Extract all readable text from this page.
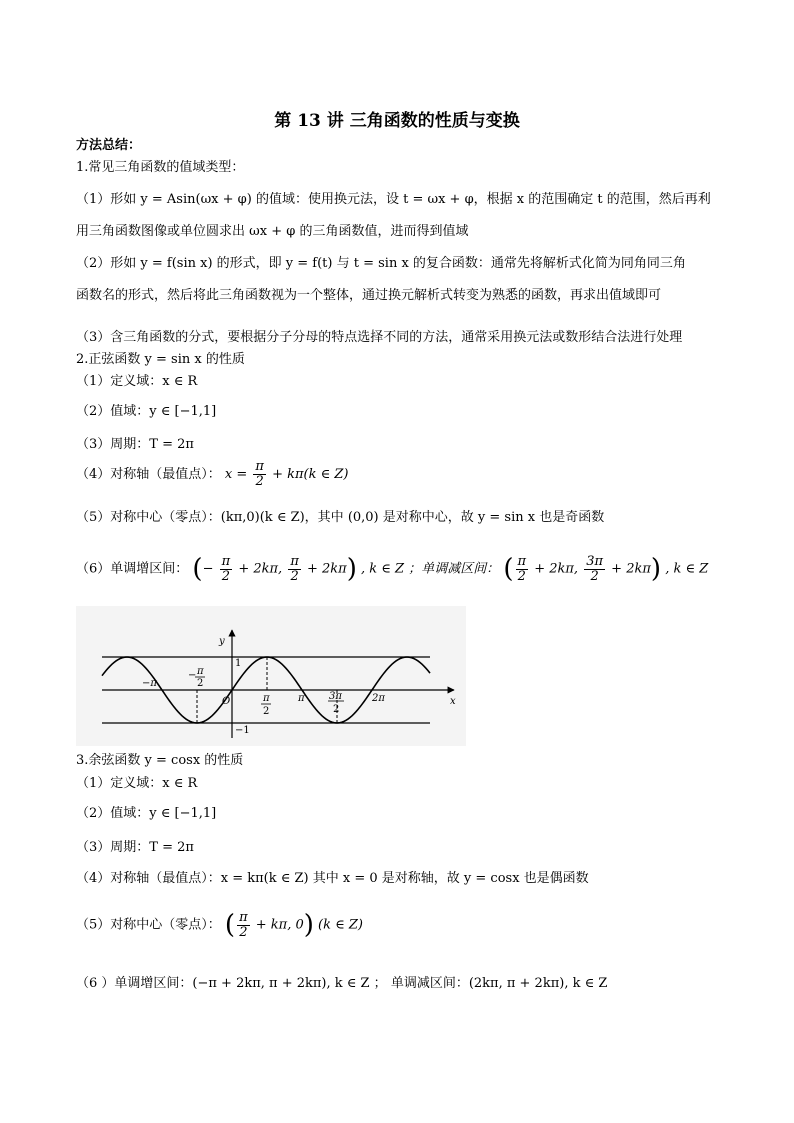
第 13 讲 三角函数的性质与变换
方法总结：
1.常见三角函数的值域类型：
（1）形如 y = Asin(ωx + φ) 的值域：使用换元法，设 t = ωx + φ，根据 x 的范围确定 t 的范围，然后再利
用三角函数图像或单位圆求出 ωx + φ 的三角函数值，进而得到值域
（2）形如 y = f(sin x) 的形式，即 y = f(t) 与 t = sin x 的复合函数：通常先将解析式化简为同角同三角
函数名的形式，然后将此三角函数视为一个整体，通过换元解析式转变为熟悉的函数，再求出值域即可
（3）含三角函数的分式，要根据分子分母的特点选择不同的方法，通常采用换元法或数形结合法进行处理
2.正弦函数 y = sin x 的性质
（1）定义域：x ∈ R
（2）值域：y ∈ [−1,1]
（3）周期：T = 2π
（4）对称轴（最值点）： $x = \frac{\pi}{2} + k\pi(k$ ∈ Z)
（5）对称中心（零点）：(kπ,0)(k ∈ Z)，其中 (0,0) 是对称中心，故 y = sin x 也是奇函数
（6）单调增区间： (− $\frac{\pi}{2} + 2k\pi$, $\frac{\pi}{2} + 2k\pi$) , k ∈ Z ；单调减区间： ( $\frac{\pi}{2} + 2k\pi$, $\frac{3\pi}{2} + 2k\pi$) , k ∈ Z
y
x
1
−1
O
−π
− π
2
π
2
π 3π
2
2π
3.余弦函数 y = cosx 的性质
（1）定义域：x ∈ R
（2）值域：y ∈ [−1,1]
（3）周期：T = 2π
（4）对称轴（最值点）：x = kπ(k ∈ Z) 其中 x = 0 是对称轴，故 y = cosx 也是偶函数
（5）对称中心（零点）： ( $\frac{\pi}{2} + k\pi$, 0) (k ∈ Z)
（6 ）单调增区间：(−π + 2kπ, π + 2kπ), k ∈ Z ； 单调减区间：(2kπ, π + 2kπ), k ∈ Z
